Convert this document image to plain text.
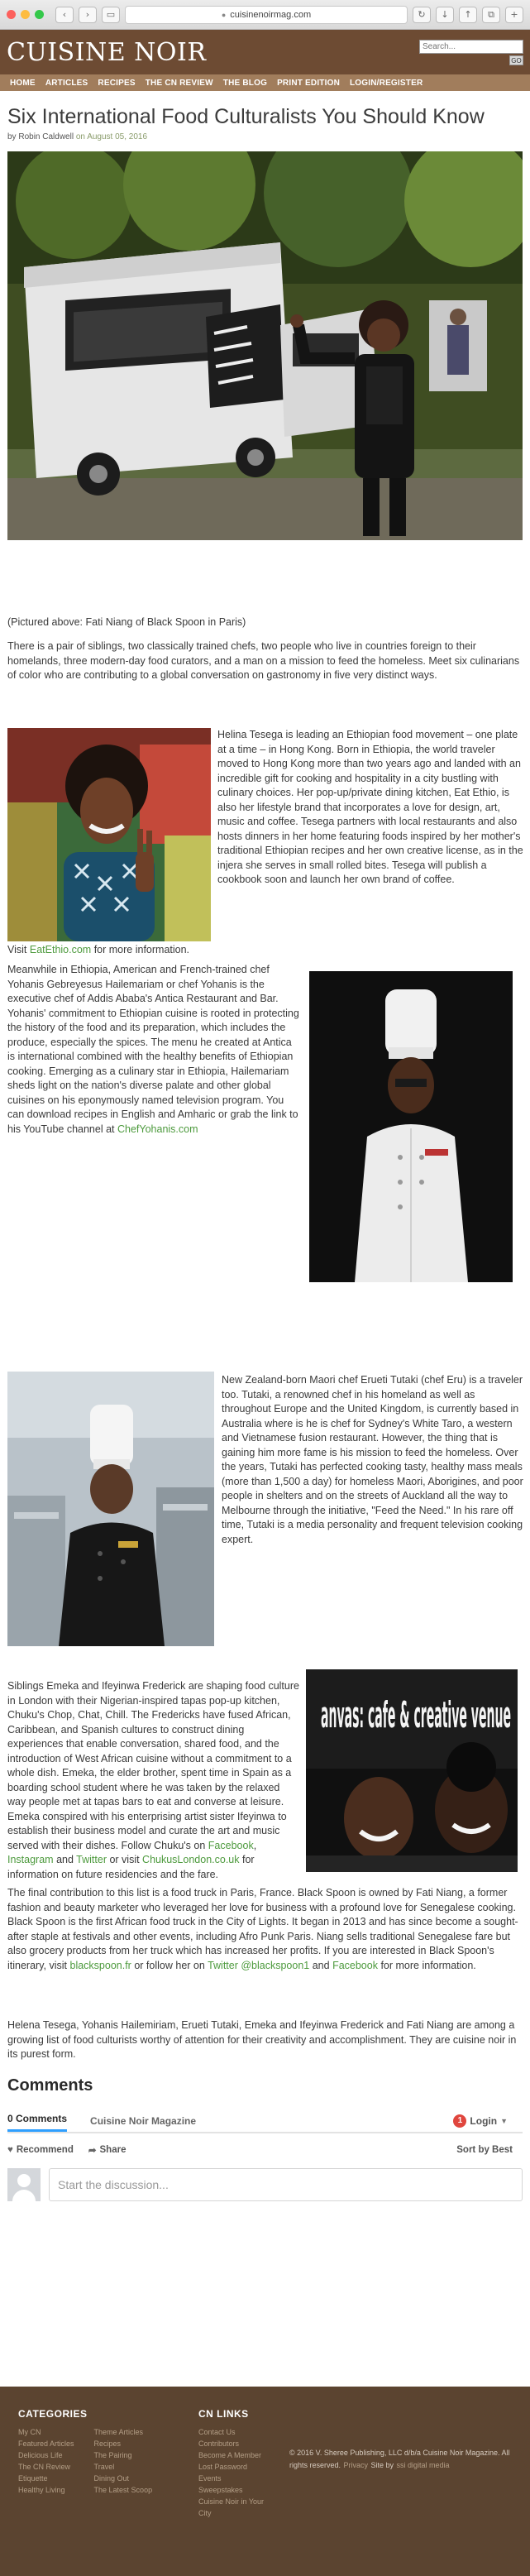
‹	›	▭	● cuisinenoirmag.com	↻	↓	↑	⧉	+
CUISINE NOIR
Search...	GO
HOME	ARTICLES	RECIPES	THE CN REVIEW	THE BLOG	PRINT EDITION	LOGIN/REGISTER
Six International Food Culturalists You Should Know
by Robin Caldwell on August 05, 2016

(Pictured above: Fati Niang of Black Spoon in Paris)

There is a pair of siblings, two classically trained chefs, two people who live in countries foreign to their homelands, three modern-day food curators, and a man on a mission to feed the homeless. Meet six culinarians of color who are contributing to a global conversation on gastronomy in five very distinct ways.

Helina Tesega is leading an Ethiopian food movement – one plate at a time – in Hong Kong. Born in Ethiopia, the world traveler moved to Hong Kong more than two years ago and landed with an incredible gift for cooking and hospitality in a city bustling with culinary choices. Her pop-up/private dining kitchen, Eat Ethio, is also her lifestyle brand that incorporates a love for design, art, music and coffee. Tesega partners with local restaurants and also hosts dinners in her home featuring foods inspired by her mother's traditional Ethiopian recipes and her own creative license, as in the injera she serves in small rolled bites. Tesega will publish a cookbook soon and launch her own brand of coffee.

Visit EatEthio.com for more information.

Meanwhile in Ethiopia, American and French-trained chef Yohanis Gebreyesus Hailemariam or chef Yohanis is the executive chef of Addis Ababa's Antica Restaurant and Bar. Yohanis' commitment to Ethiopian cuisine is rooted in protecting the history of the food and its preparation, which includes the produce, especially the spices. The menu he created at Antica is international combined with the healthy benefits of Ethiopian cooking. Emerging as a culinary star in Ethiopia, Hailemariam sheds light on the nation's diverse palate and other global cuisines on his eponymously named television program. You can download recipes in English and Amharic or grab the link to his YouTube channel at ChefYohanis.com

New Zealand-born Maori chef Erueti Tutaki (chef Eru) is a traveler too. Tutaki, a renowned chef in his homeland as well as throughout Europe and the United Kingdom, is currently based in Australia where is he is chef for Sydney's White Taro, a western and Vietnamese fusion restaurant. However, the thing that is gaining him more fame is his mission to feed the homeless. Over the years, Tutaki has perfected cooking tasty, healthy mass meals (more than 1,500 a day) for homeless Maori, Aborigines, and poor people in shelters and on the streets of Auckland all the way to Melbourne through the initiative, "Feed the Need." In his rare off time, Tutaki is a media personality and frequent television cooking expert.

Siblings Emeka and Ifeyinwa Frederick are shaping food culture in London with their Nigerian-inspired tapas pop-up kitchen, Chuku's Chop, Chat, Chill. The Fredericks have fused African, Caribbean, and Spanish cultures to construct dining experiences that enable conversation, shared food, and the introduction of West African cuisine without a commitment to a whole dish. Emeka, the elder brother, spent time in Spain as a boarding school student where he was taken by the relaxed way people met at tapas bars to eat and converse at leisure. Emeka conspired with his enterprising artist sister Ifeyinwa to establish their business model and curate the art and music served with their dishes. Follow Chuku's on Facebook, Instagram and Twitter or visit ChukusLondon.co.uk for information on future residencies and the fare.

anvas: cafe & creative venue

The final contribution to this list is a food truck in Paris, France. Black Spoon is owned by Fati Niang, a former fashion and beauty marketer who leveraged her love for business with a profound love for Senegalese cooking. Black Spoon is the first African food truck in the City of Lights. It began in 2013 and has since become a sought-after staple at festivals and other events, including Afro Punk Paris. Niang sells traditional Senegalese fare but also grocery products from her truck which has increased her profits. If you are interested in Black Spoon's itinerary, visit blackspoon.fr or follow her on Twitter @blackspoon1 and Facebook for more information.

Helena Tesega, Yohanis Hailemiriam, Erueti Tutaki, Emeka and Ifeyinwa Frederick and Fati Niang are among a growing list of food culturists worthy of attention for their creativity and accomplishment. They are cuisine noir in its purest form.

Comments
0 Comments Cuisine Noir Magazine	1 Login ▼
♥ Recommend ➦ Share	Sort by Best
Start the discussion...
CATEGORIES
My CN
Featured Articles
Delicious Life
The CN Review
Etiquette
Healthy Living
Theme Articles
Recipes
The Pairing
Travel
Dining Out
The Latest Scoop
CN LINKS
Contact Us
Contributors
Become A Member
Lost Password
Events
Sweepstakes
Cuisine Noir in Your City
© 2016 V. Sheree Publishing, LLC d/b/a Cuisine Noir Magazine. All rights reserved. Privacy Site by ssi digital media
